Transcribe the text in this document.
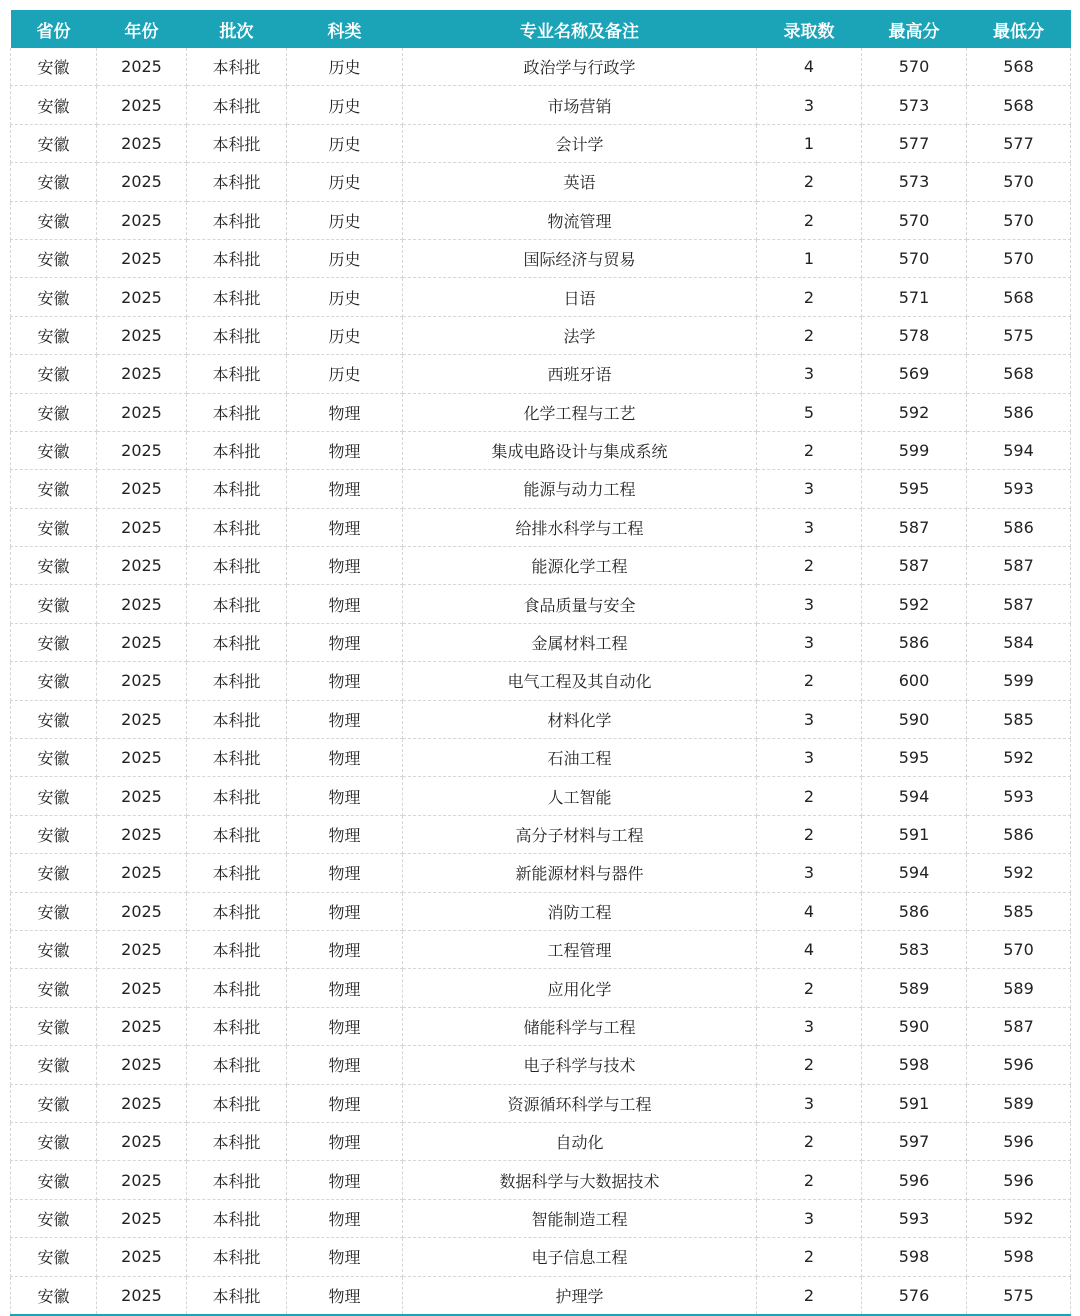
省份	年份	批次	科类	专业名称及备注	录取数	最高分	最低分
安徽	2025	本科批	历史	政治学与行政学	4	570	568
安徽	2025	本科批	历史	市场营销	3	573	568
安徽	2025	本科批	历史	会计学	1	577	577
安徽	2025	本科批	历史	英语	2	573	570
安徽	2025	本科批	历史	物流管理	2	570	570
安徽	2025	本科批	历史	国际经济与贸易	1	570	570
安徽	2025	本科批	历史	日语	2	571	568
安徽	2025	本科批	历史	法学	2	578	575
安徽	2025	本科批	历史	西班牙语	3	569	568
安徽	2025	本科批	物理	化学工程与工艺	5	592	586
安徽	2025	本科批	物理	集成电路设计与集成系统	2	599	594
安徽	2025	本科批	物理	能源与动力工程	3	595	593
安徽	2025	本科批	物理	给排水科学与工程	3	587	586
安徽	2025	本科批	物理	能源化学工程	2	587	587
安徽	2025	本科批	物理	食品质量与安全	3	592	587
安徽	2025	本科批	物理	金属材料工程	3	586	584
安徽	2025	本科批	物理	电气工程及其自动化	2	600	599
安徽	2025	本科批	物理	材料化学	3	590	585
安徽	2025	本科批	物理	石油工程	3	595	592
安徽	2025	本科批	物理	人工智能	2	594	593
安徽	2025	本科批	物理	高分子材料与工程	2	591	586
安徽	2025	本科批	物理	新能源材料与器件	3	594	592
安徽	2025	本科批	物理	消防工程	4	586	585
安徽	2025	本科批	物理	工程管理	4	583	570
安徽	2025	本科批	物理	应用化学	2	589	589
安徽	2025	本科批	物理	储能科学与工程	3	590	587
安徽	2025	本科批	物理	电子科学与技术	2	598	596
安徽	2025	本科批	物理	资源循环科学与工程	3	591	589
安徽	2025	本科批	物理	自动化	2	597	596
安徽	2025	本科批	物理	数据科学与大数据技术	2	596	596
安徽	2025	本科批	物理	智能制造工程	3	593	592
安徽	2025	本科批	物理	电子信息工程	2	598	598
安徽	2025	本科批	物理	护理学	2	576	575
